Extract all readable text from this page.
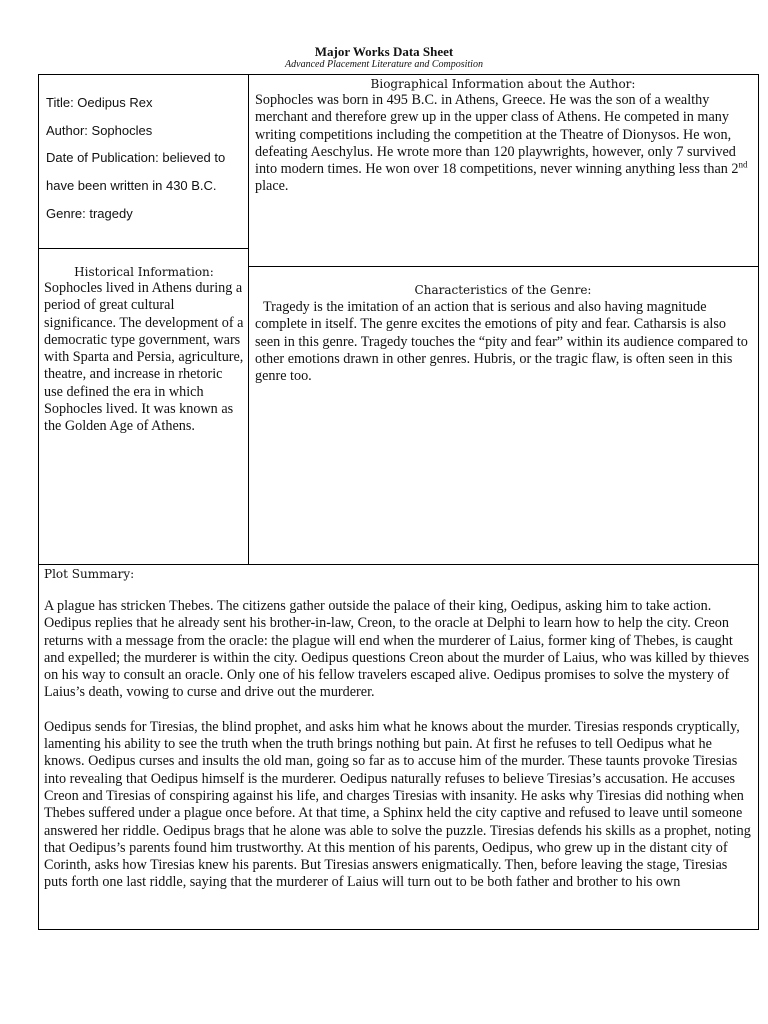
Major Works Data Sheet
Advanced Placement Literature and Composition
Title: Oedipus Rex
Author: Sophocles
Date of Publication: believed to
have been written in 430 B.C.
Genre: tragedy
Biographical Information about the Author:
Sophocles was born in 495 B.C. in Athens, Greece. He was the son of a wealthy merchant and therefore grew up in the upper class of Athens. He competed in many writing competitions including the competition at the Theatre of Dionysos. He won, defeating Aeschylus. He wrote more than 120 playwrights, however, only 7 survived into modern times. He won over 18 competitions, never winning anything less than 2nd place.
Historical Information:
Sophocles lived in Athens during a period of great cultural significance. The development of a democratic type government, wars with Sparta and Persia, agriculture, theatre, and increase in rhetoric use defined the era in which Sophocles lived. It was known as the Golden Age of Athens.
Characteristics of the Genre:
Tragedy is the imitation of an action that is serious and also having magnitude complete in itself. The genre excites the emotions of pity and fear. Catharsis is also seen in this genre. Tragedy touches the “pity and fear” within its audience compared to other emotions drawn in other genres. Hubris, or the tragic flaw, is often seen in this genre too.
Plot Summary:

A plague has stricken Thebes. The citizens gather outside the palace of their king, Oedipus, asking him to take action. Oedipus replies that he already sent his brother-in-law, Creon, to the oracle at Delphi to learn how to help the city. Creon returns with a message from the oracle: the plague will end when the murderer of Laius, former king of Thebes, is caught and expelled; the murderer is within the city. Oedipus questions Creon about the murder of Laius, who was killed by thieves on his way to consult an oracle. Only one of his fellow travelers escaped alive. Oedipus promises to solve the mystery of Laius’s death, vowing to curse and drive out the murderer.

Oedipus sends for Tiresias, the blind prophet, and asks him what he knows about the murder. Tiresias responds cryptically, lamenting his ability to see the truth when the truth brings nothing but pain. At first he refuses to tell Oedipus what he knows. Oedipus curses and insults the old man, going so far as to accuse him of the murder. These taunts provoke Tiresias into revealing that Oedipus himself is the murderer. Oedipus naturally refuses to believe Tiresias’s accusation. He accuses Creon and Tiresias of conspiring against his life, and charges Tiresias with insanity. He asks why Tiresias did nothing when Thebes suffered under a plague once before. At that time, a Sphinx held the city captive and refused to leave until someone answered her riddle. Oedipus brags that he alone was able to solve the puzzle. Tiresias defends his skills as a prophet, noting that Oedipus’s parents found him trustworthy. At this mention of his parents, Oedipus, who grew up in the distant city of Corinth, asks how Tiresias knew his parents. But Tiresias answers enigmatically. Then, before leaving the stage, Tiresias puts forth one last riddle, saying that the murderer of Laius will turn out to be both father and brother to his own
